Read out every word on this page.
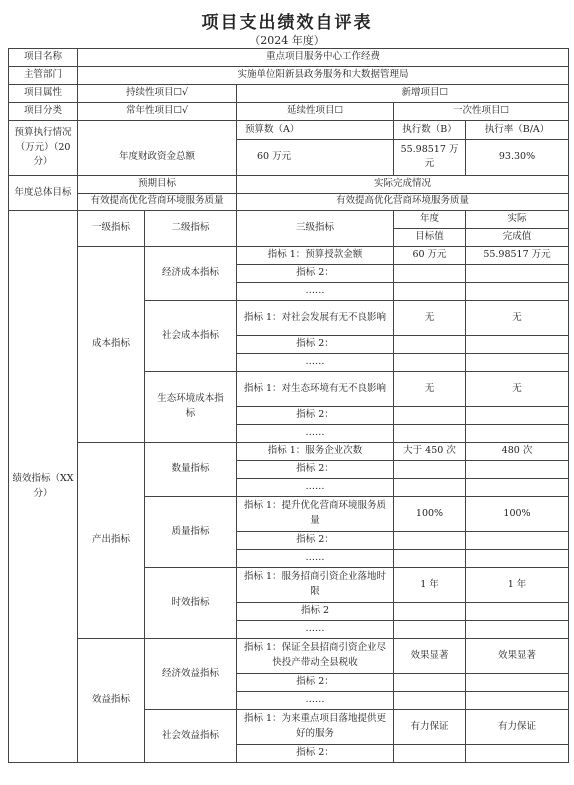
项目支出绩效自评表
（2024 年度）
项目名称	重点项目服务中心工作经费				
主管部门	实施单位阳新县政务服务和大数据管理局				
项目属性	持续性项目☐√		新增项目☐		
项目分类	常年性项目☐√		延续性项目☐	一次性项目☐	
预算执行情况（万元）（20 分）			预算数（A）	执行数（B）	执行率（B/A）
	年度财政资金总额		60 万元	55.98517 万元	93.30%
年度总体目标	预期目标		实际完成情况		
	有效提高优化营商环境服务质量		有效提高优化营商环境服务质量		
绩效指标（XX 分）	一级指标	二级指标	三级指标	年度	实际
				目标值	完成值
	成本指标	经济成本指标	指标 1：预算授款金额	60 万元	55.98517 万元
			指标 2：		
			……		
		社会成本指标	指标 1：对社会发展有无不良影响	无	无
			指标 2：		
			……		
		生态环境成本指标	指标 1：对生态环境有无不良影响	无	无
			指标 2：		
			……		
	产出指标	数量指标	指标 1：服务企业次数	大于 450 次	480 次
			指标 2：		
			……		
		质量指标	指标 1：提升优化营商环境服务质量	100%	100%
			指标 2：		
			……		
		时效指标	指标 1：服务招商引资企业落地时限	1 年	1 年
			指标 2		
			……		
	效益指标	经济效益指标	指标 1：保证全县招商引资企业尽快投产带动全县税收	效果显著	效果显著
			指标 2：		
			……		
		社会效益指标	指标 1：为来重点项目落地提供更好的服务	有力保证	有力保证
			指标 2：		
